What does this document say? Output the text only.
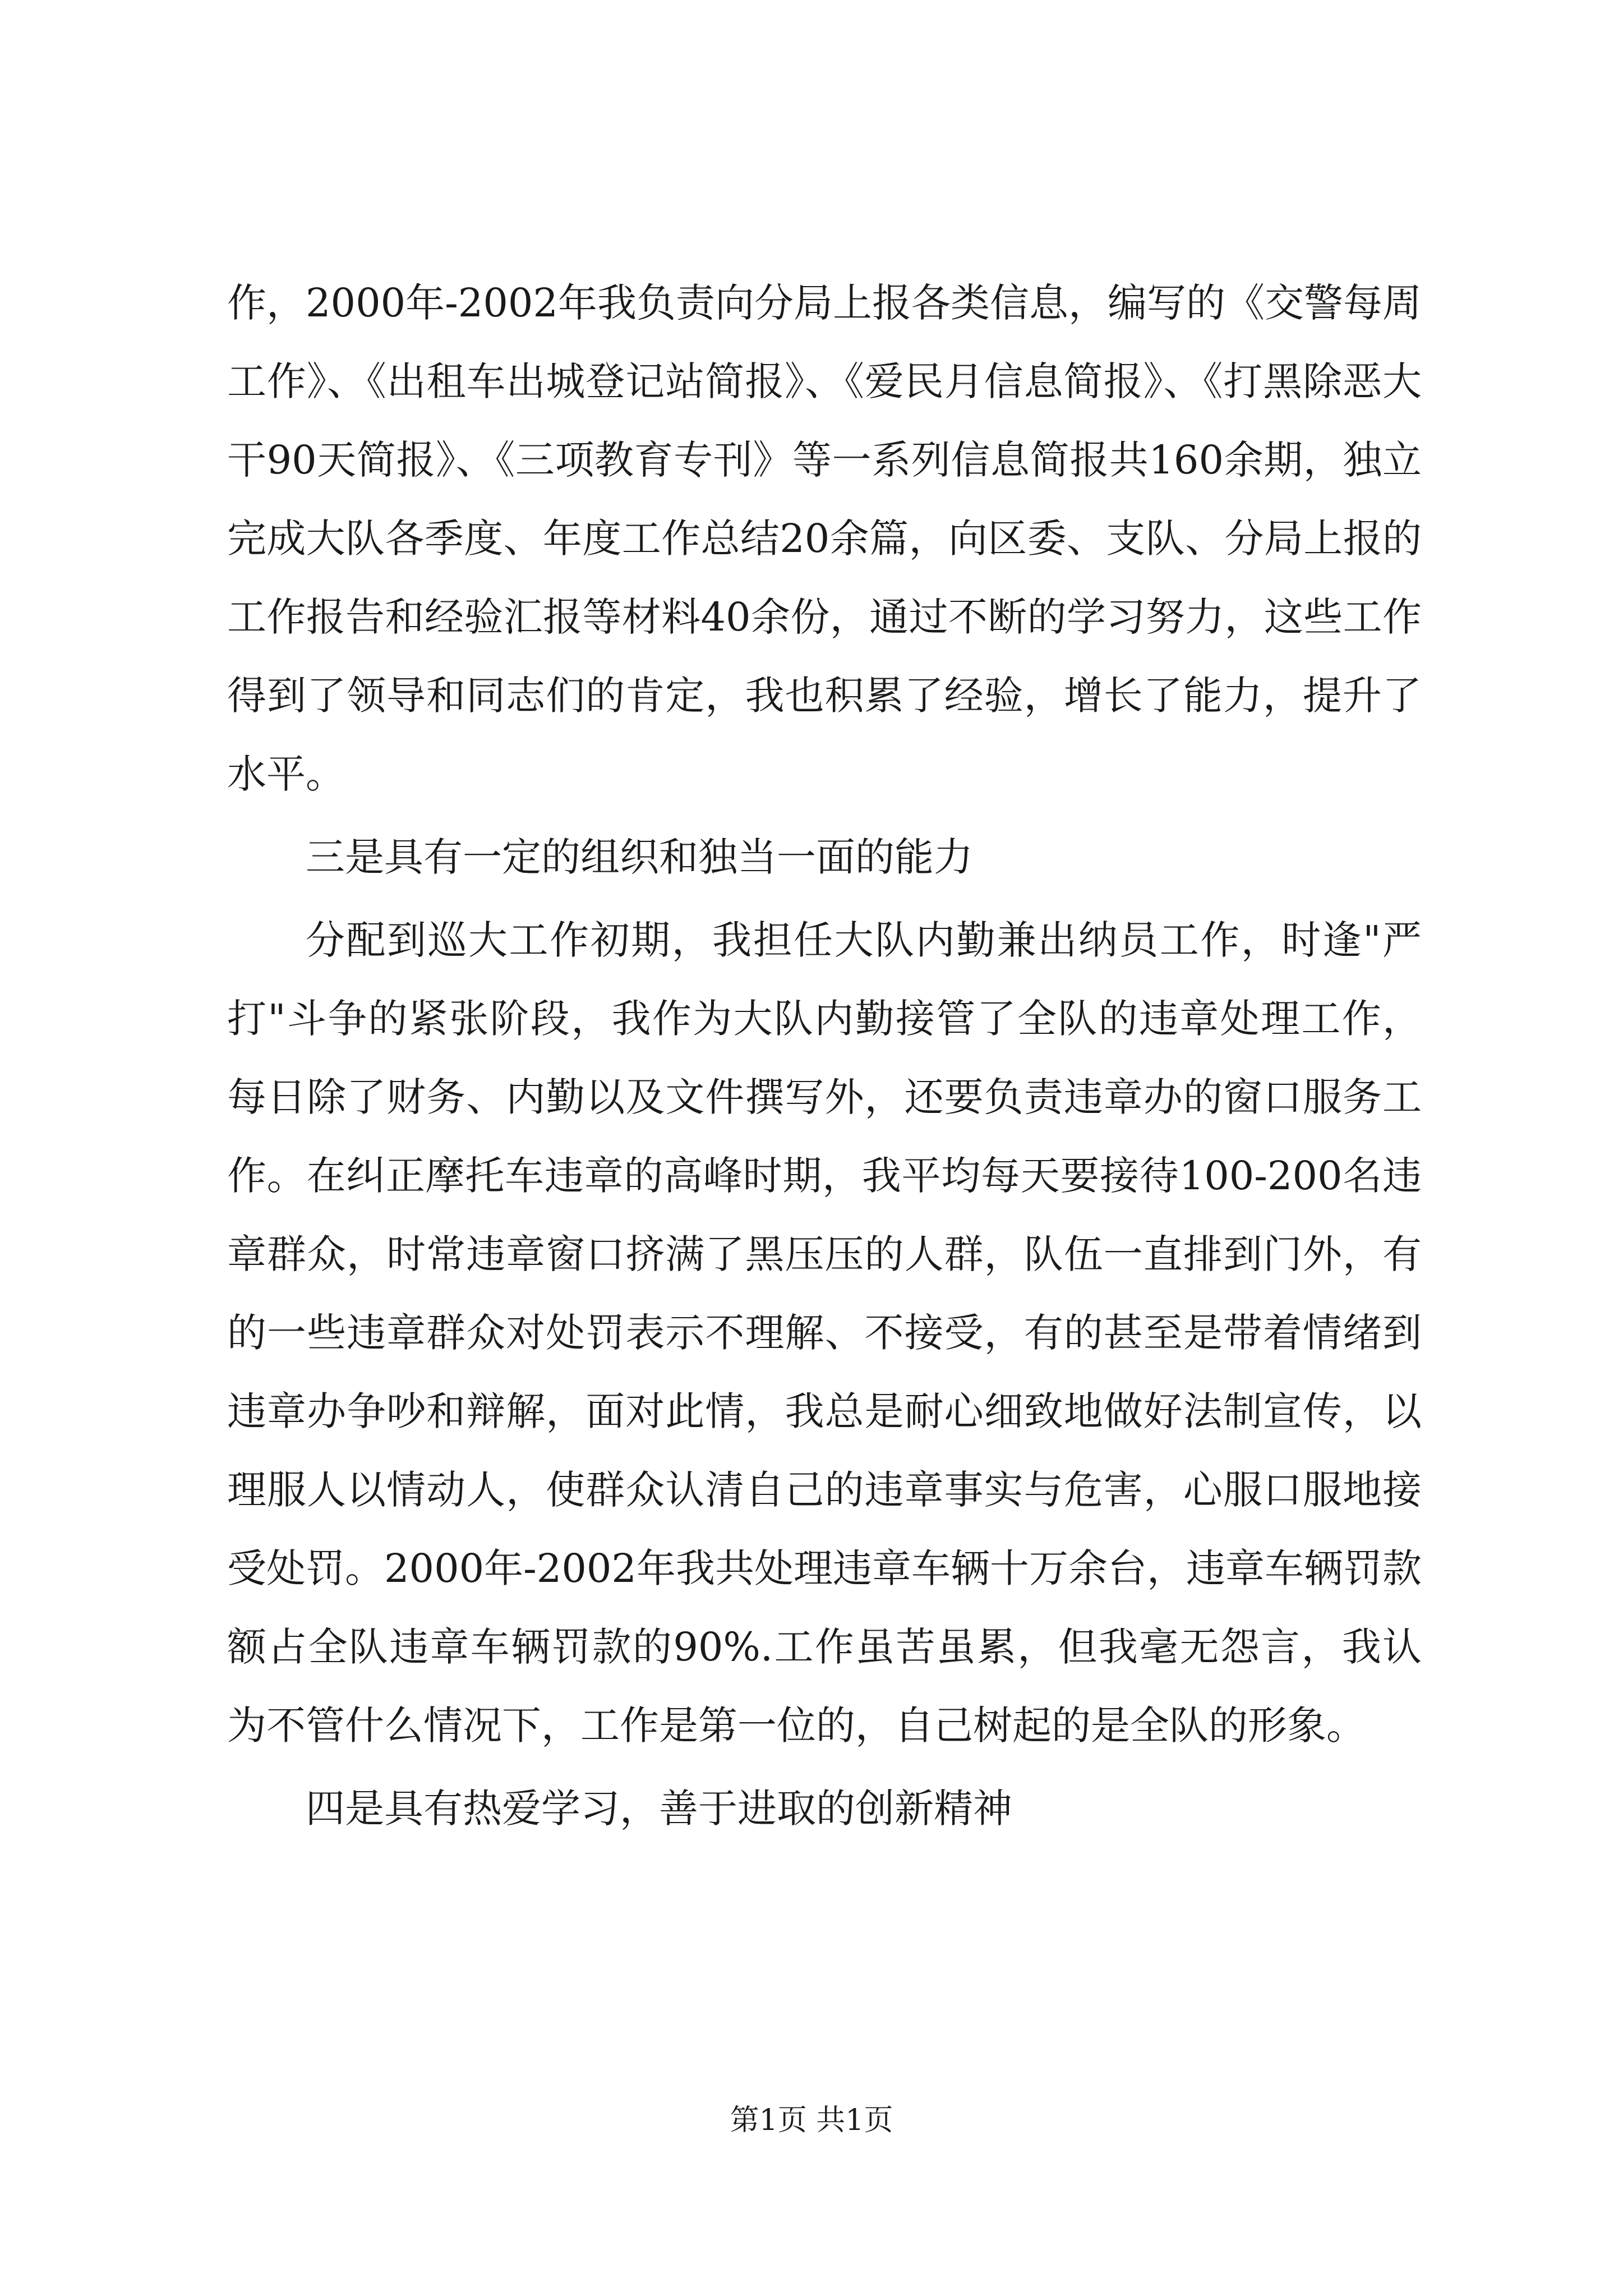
作，2000年-2002年我负责向分局上报各类信息，编写的《交警每周工作》、《出租车出城登记站简报》、《爱民月信息简报》、《打黑除恶大干90天简报》、《三项教育专刊》等一系列信息简报共160余期，独立完成大队各季度、年度工作总结20余篇，向区委、支队、分局上报的工作报告和经验汇报等材料40余份，通过不断的学习努力，这些工作得到了领导和同志们的肯定，我也积累了经验，增长了能力，提升了水平。

三是具有一定的组织和独当一面的能力

分配到巡大工作初期，我担任大队内勤兼出纳员工作，时逢"严打"斗争的紧张阶段，我作为大队内勤接管了全队的违章处理工作，每日除了财务、内勤以及文件撰写外，还要负责违章办的窗口服务工作。在纠正摩托车违章的高峰时期，我平均每天要接待100-200名违章群众，时常违章窗口挤满了黑压压的人群，队伍一直排到门外，有的一些违章群众对处罚表示不理解、不接受，有的甚至是带着情绪到违章办争吵和辩解，面对此情，我总是耐心细致地做好法制宣传，以理服人以情动人，使群众认清自己的违章事实与危害，心服口服地接受处罚。2000年-2002年我共处理违章车辆十万余台，违章车辆罚款额占全队违章车辆罚款的90%.工作虽苦虽累，但我毫无怨言，我认为不管什么情况下，工作是第一位的，自己树起的是全队的形象。

四是具有热爱学习，善于进取的创新精神

第1页 共1页
